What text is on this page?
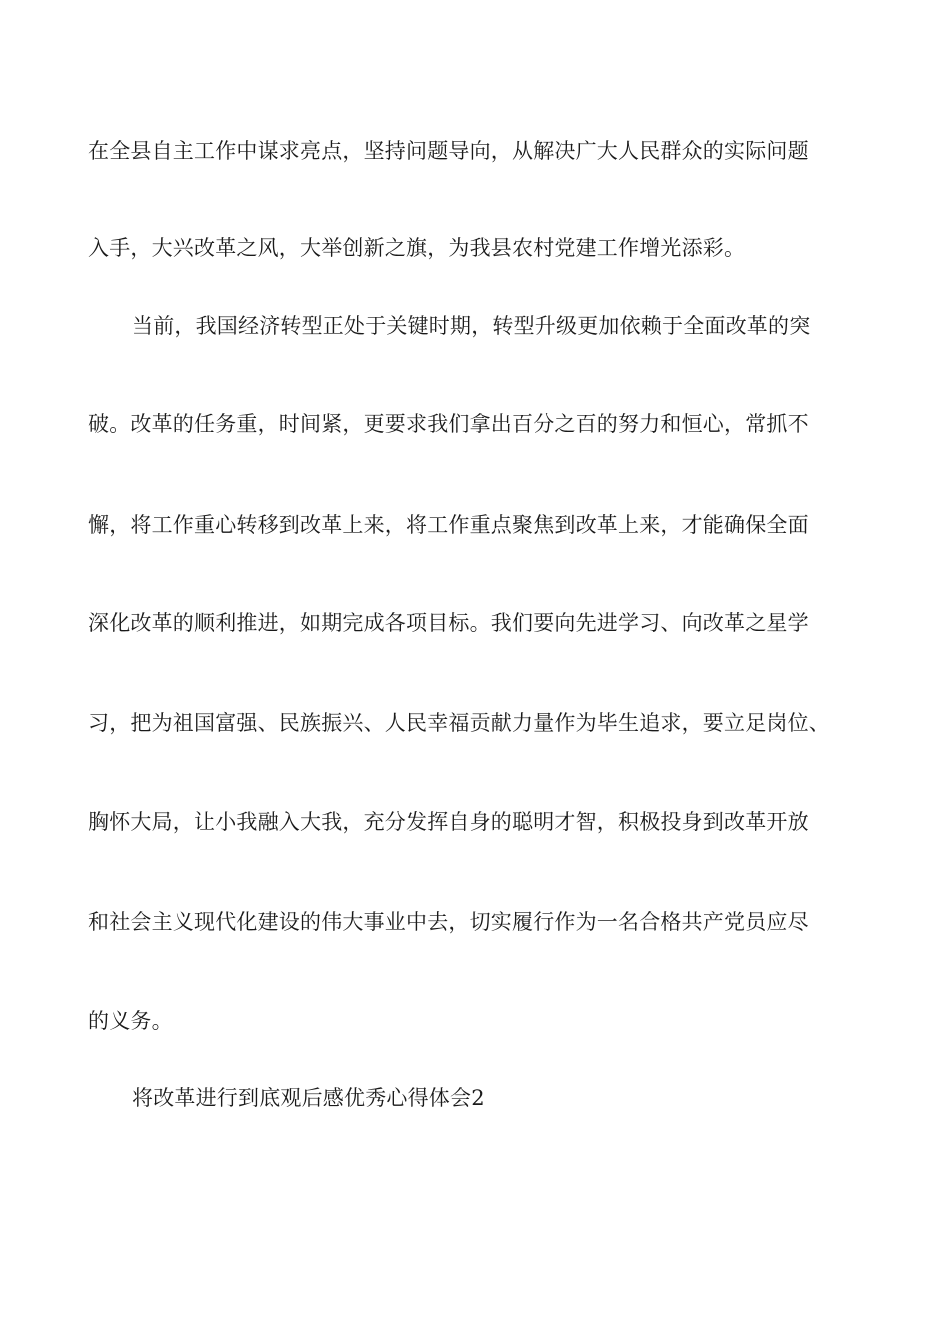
在全县自主工作中谋求亮点，坚持问题导向，从解决广大人民群众的实际问题
入手，大兴改革之风，大举创新之旗，为我县农村党建工作增光添彩。
当前，我国经济转型正处于关键时期，转型升级更加依赖于全面改革的突
破。改革的任务重，时间紧，更要求我们拿出百分之百的努力和恒心，常抓不
懈，将工作重心转移到改革上来，将工作重点聚焦到改革上来，才能确保全面
深化改革的顺利推进，如期完成各项目标。我们要向先进学习、向改革之星学
习，把为祖国富强、民族振兴、人民幸福贡献力量作为毕生追求，要立足岗位、
胸怀大局，让小我融入大我，充分发挥自身的聪明才智，积极投身到改革开放
和社会主义现代化建设的伟大事业中去，切实履行作为一名合格共产党员应尽
的义务。
将改革进行到底观后感优秀心得体会2
